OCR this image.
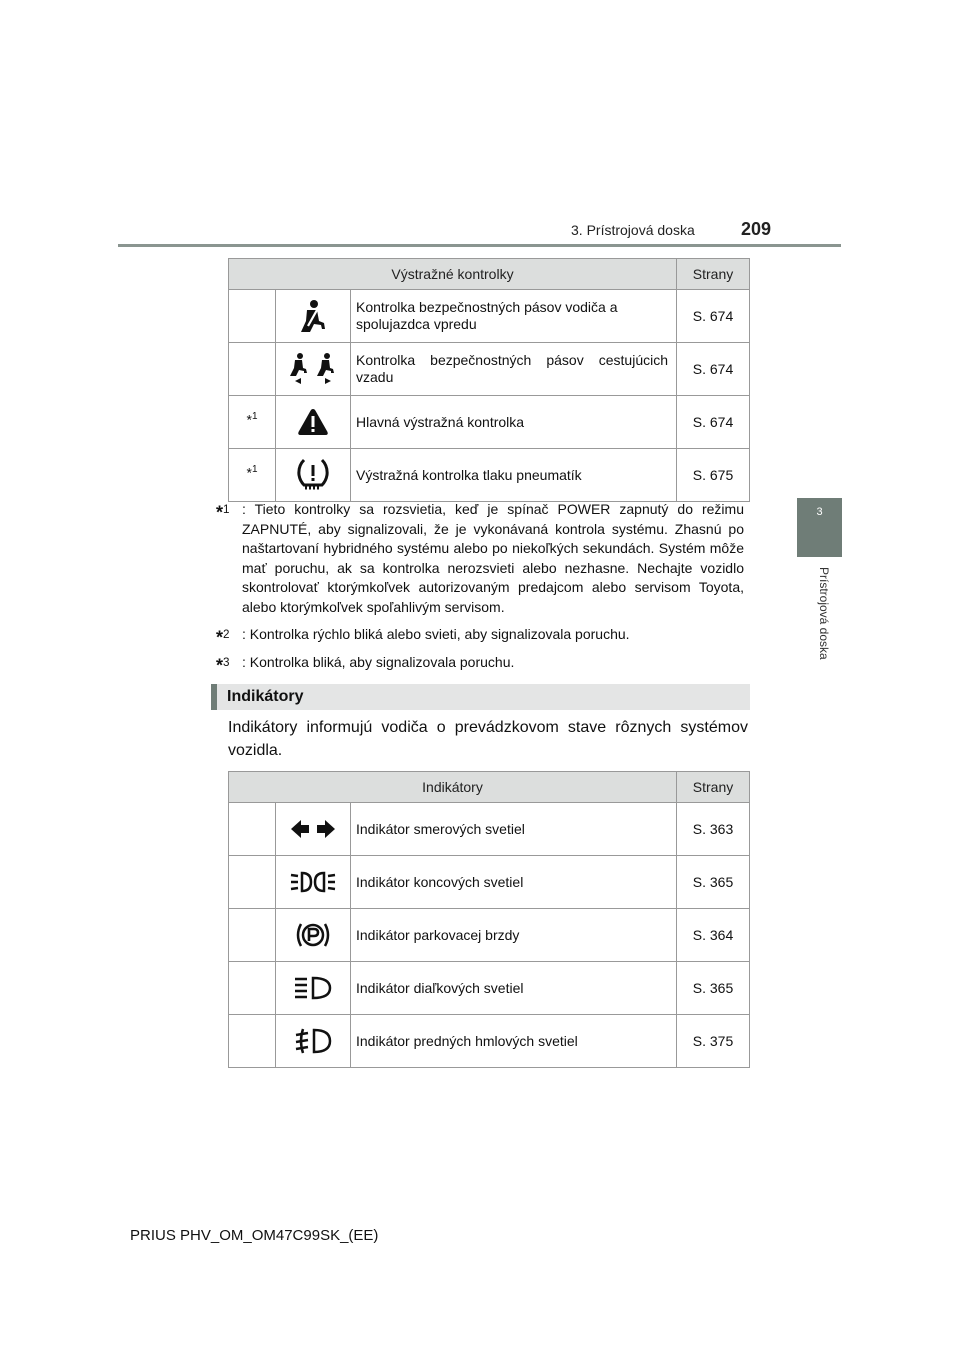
3. Prístrojová doska	209
3
Prístrojová doska
Výstražné kontrolky			Strany

	Kontrolka bezpečnostných pásov vodiča a spolujazdca vpredu	S. 674

	Kontrolka bezpečnostných pásov cestujúcich vzadu	S. 674
*$^1$		Hlavná výstražná kontrolka	S. 674
*$^1$		Výstražná kontrolka tlaku pneumatík	S. 675
*$^1$ : Tieto kontrolky sa rozsvietia, keď je spínač POWER zapnutý do režimu ZAPNUTÉ, aby signalizovali, že je vykonávaná kontrola systému. Zhasnú po naštartovaní hybridného systému alebo po niekoľkých sekundách. Systém môže mať poruchu, ak sa kontrolka nerozsvieti alebo nezhasne. Nechajte vozidlo skontrolovať ktorýmkoľvek autorizovaným predajcom alebo servisom Toyota, alebo ktorýmkoľvek spoľahlivým servisom.
*$^2$ : Kontrolka rýchlo bliká alebo svieti, aby signalizovala poruchu.
*$^3$ : Kontrolka bliká, aby signalizovala poruchu.
Indikátory
Indikátory informujú vodiča o prevádzkovom stave rôznych systémov vozidla.
Indikátory			Strany

	Indikátor smerových svetiel	S. 363

	Indikátor koncových svetiel	S. 365

	Indikátor parkovacej brzdy	S. 364

	Indikátor diaľkových svetiel	S. 365

	Indikátor predných hmlových svetiel	S. 375
PRIUS PHV_OM_OM47C99SK_(EE)
